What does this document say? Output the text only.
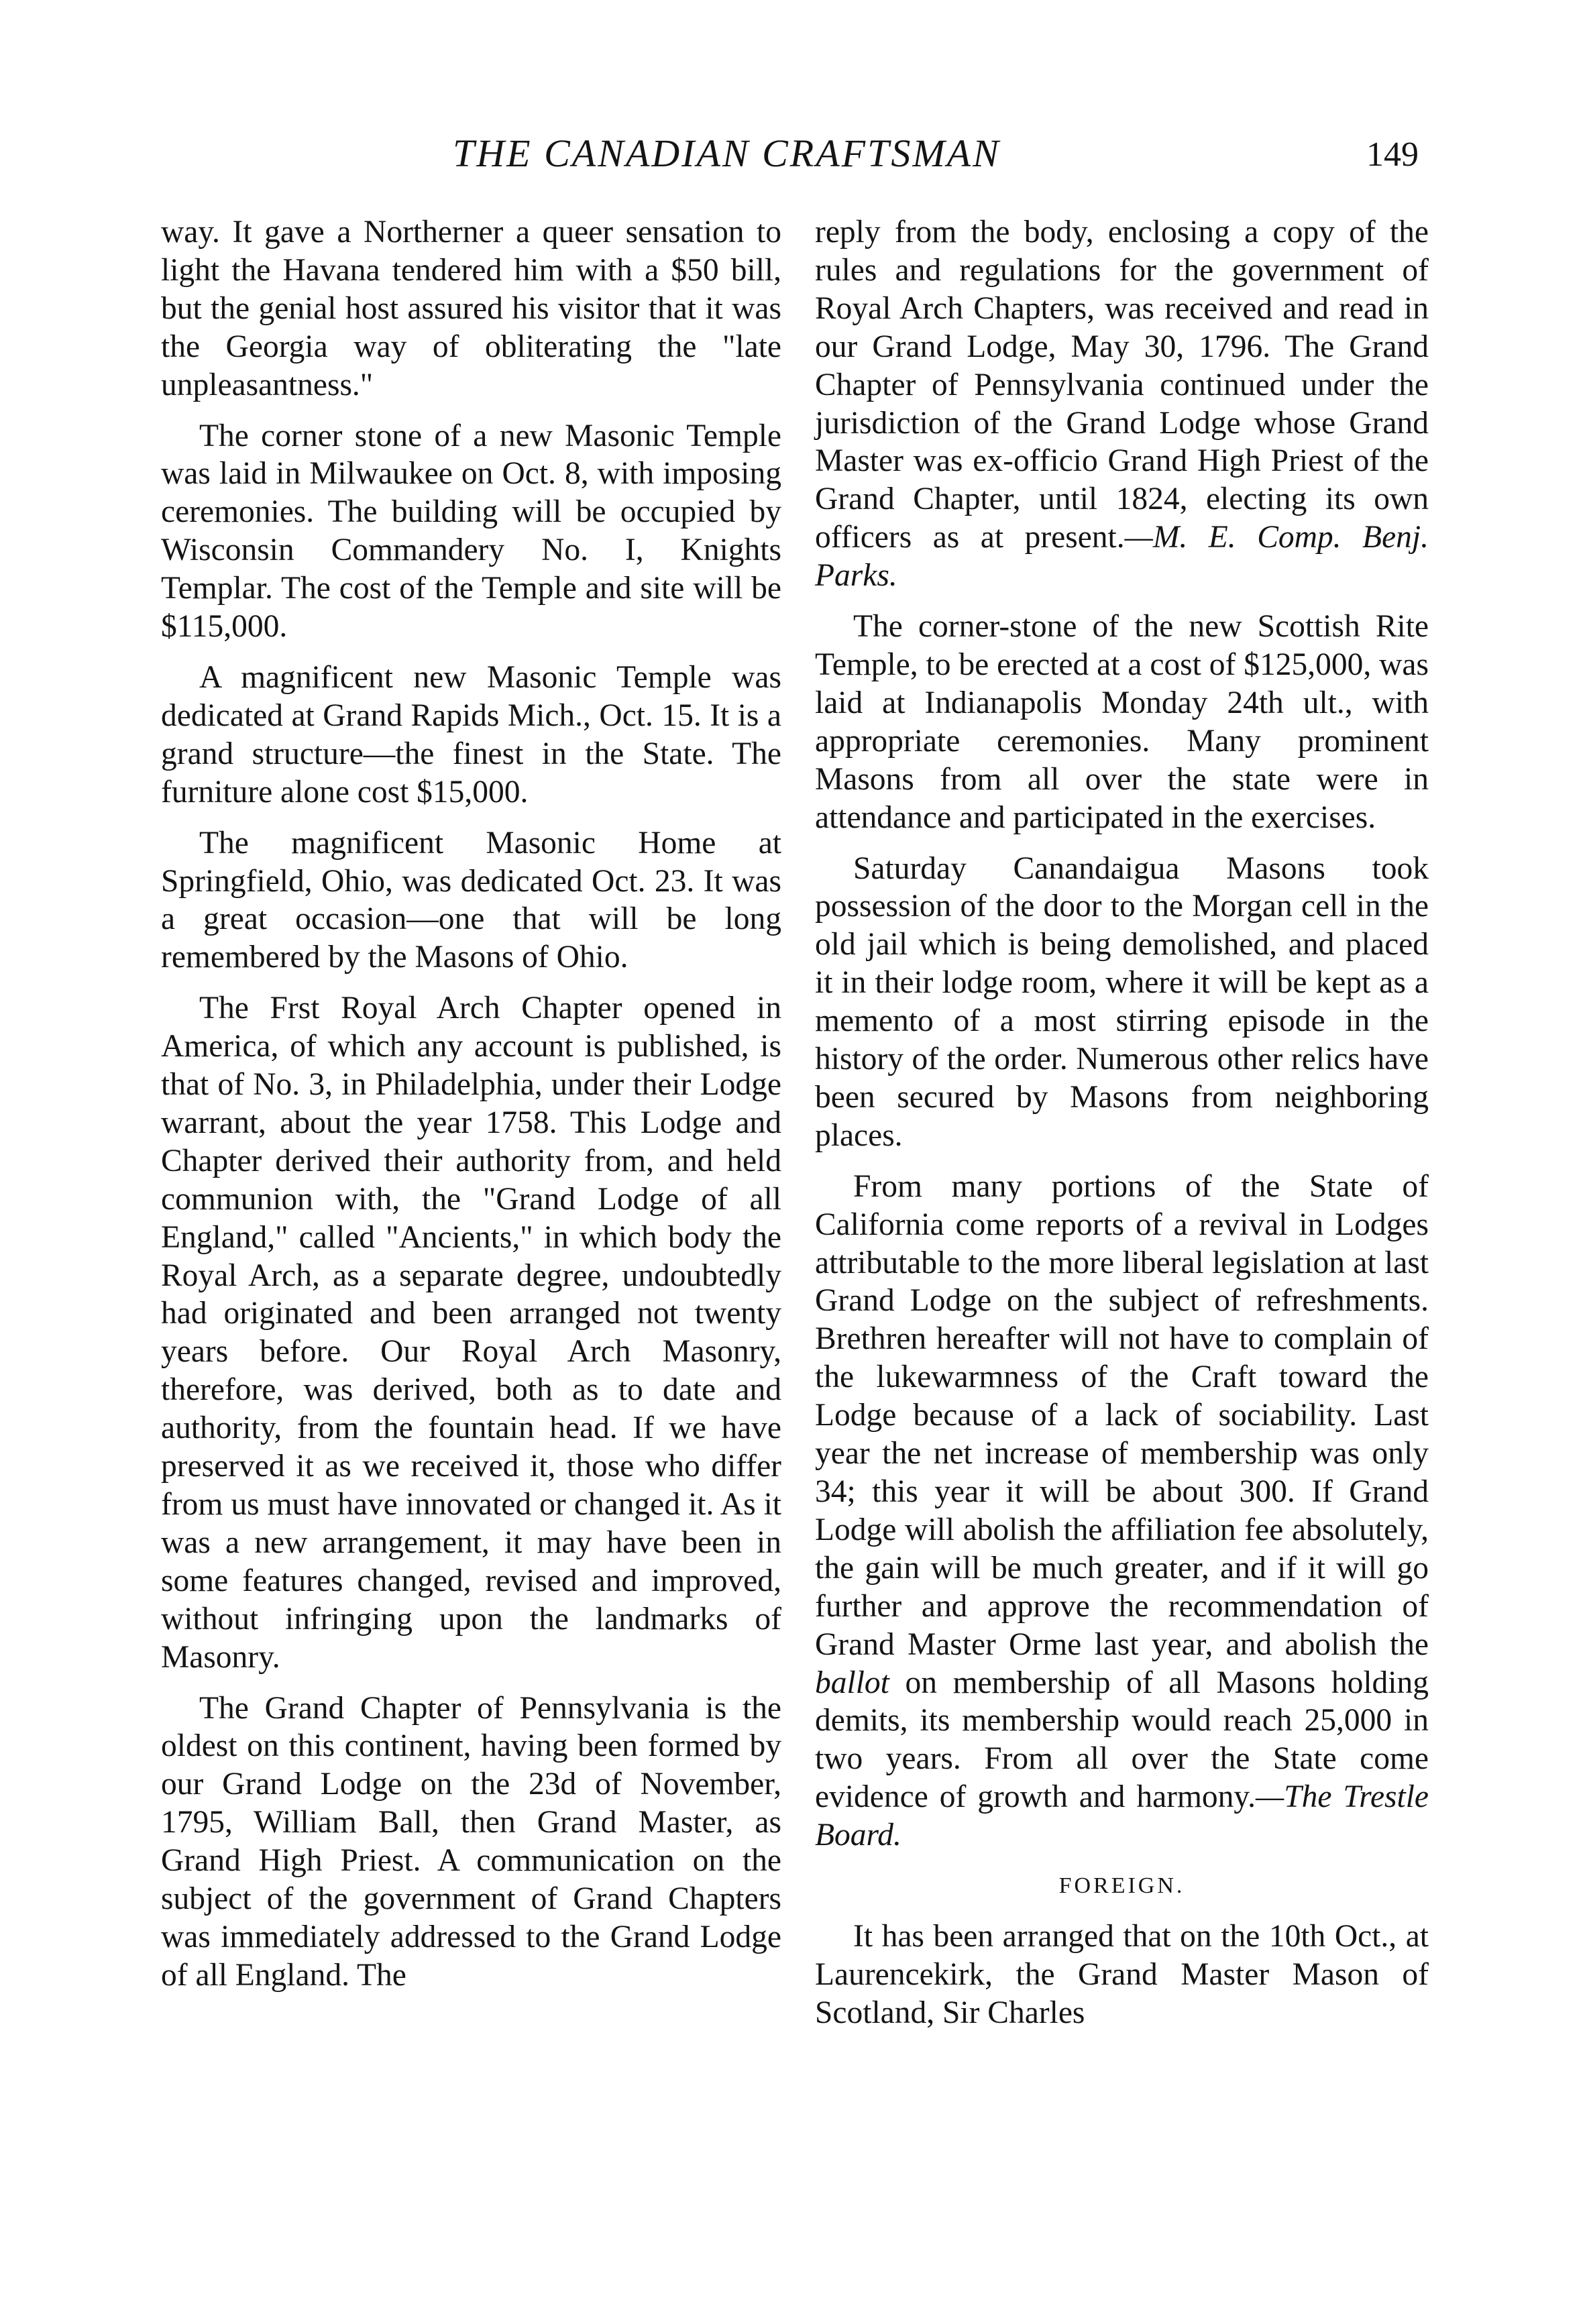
THE CANADIAN CRAFTSMAN	149

way. It gave a Northerner a queer sensation to light the Havana tendered him with a $50 bill, but the genial host assured his visitor that it was the Georgia way of obliterating the "late unpleasantness."

The corner stone of a new Masonic Temple was laid in Milwaukee on Oct. 8, with imposing ceremonies. The building will be occupied by Wisconsin Commandery No. I, Knights Templar. The cost of the Temple and site will be $115,000.

A magnificent new Masonic Temple was dedicated at Grand Rapids Mich., Oct. 15. It is a grand structure—the finest in the State. The furniture alone cost $15,000.

The magnificent Masonic Home at Springfield, Ohio, was dedicated Oct. 23. It was a great occasion—one that will be long remembered by the Masons of Ohio.

The Frst Royal Arch Chapter opened in America, of which any account is published, is that of No. 3, in Philadelphia, under their Lodge warrant, about the year 1758. This Lodge and Chapter derived their authority from, and held communion with, the "Grand Lodge of all England," called "Ancients," in which body the Royal Arch, as a separate degree, undoubtedly had originated and been arranged not twenty years before. Our Royal Arch Masonry, therefore, was derived, both as to date and authority, from the fountain head. If we have preserved it as we received it, those who differ from us must have innovated or changed it. As it was a new arrangement, it may have been in some features changed, revised and improved, without infringing upon the landmarks of Masonry.

The Grand Chapter of Pennsylvania is the oldest on this continent, having been formed by our Grand Lodge on the 23d of November, 1795, William Ball, then Grand Master, as Grand High Priest. A communication on the subject of the government of Grand Chapters was immediately addressed to the Grand Lodge of all England. The

reply from the body, enclosing a copy of the rules and regulations for the government of Royal Arch Chapters, was received and read in our Grand Lodge, May 30, 1796. The Grand Chapter of Pennsylvania continued under the jurisdiction of the Grand Lodge whose Grand Master was ex-officio Grand High Priest of the Grand Chapter, until 1824, electing its own officers as at present.—M. E. Comp. Benj. Parks.

The corner-stone of the new Scottish Rite Temple, to be erected at a cost of $125,000, was laid at Indianapolis Monday 24th ult., with appropriate ceremonies. Many prominent Masons from all over the state were in attendance and participated in the exercises.

Saturday Canandaigua Masons took possession of the door to the Morgan cell in the old jail which is being demolished, and placed it in their lodge room, where it will be kept as a memento of a most stirring episode in the history of the order. Numerous other relics have been secured by Masons from neighboring places.

From many portions of the State of California come reports of a revival in Lodges attributable to the more liberal legislation at last Grand Lodge on the subject of refreshments. Brethren hereafter will not have to complain of the lukewarmness of the Craft toward the Lodge because of a lack of sociability. Last year the net increase of membership was only 34; this year it will be about 300. If Grand Lodge will abolish the affiliation fee absolutely, the gain will be much greater, and if it will go further and approve the recommendation of Grand Master Orme last year, and abolish the ballot on membership of all Masons holding demits, its membership would reach 25,000 in two years. From all over the State come evidence of growth and harmony.—The Trestle Board.

FOREIGN.

It has been arranged that on the 10th Oct., at Laurencekirk, the Grand Master Mason of Scotland, Sir Charles
